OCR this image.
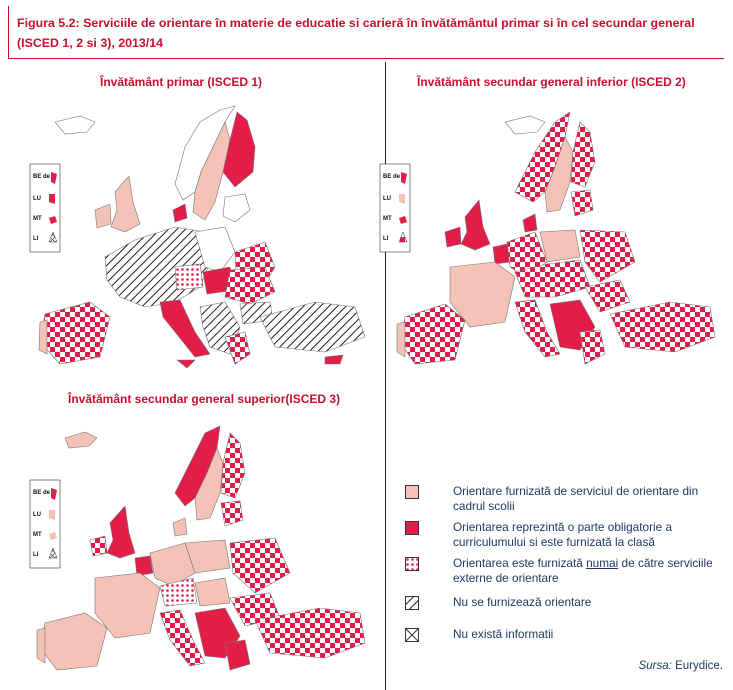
Figura 5.2: Serviciile de orientare în materie de educatie si carieră în învătământul primar si în cel secundar general (ISCED 1, 2 si 3), 2013/14
Învătământ primar (ISCED 1)	Învătământ secundar general inferior (ISCED 2)
Învătământ secundar general superior(ISCED 3)
BE de
LU
MT
LI
BE de
LU
MT
LI
BE de
LU
MT
LI
Orientare furnizată de serviciul de orientare din cadrul scolii
Orientarea reprezintă o parte obligatorie a curriculumului si este furnizată la clasă
Orientarea este furnizată numai de către serviciile externe de orientare
Nu se furnizează orientare
Nu există informatii
Sursa: Eurydice.
